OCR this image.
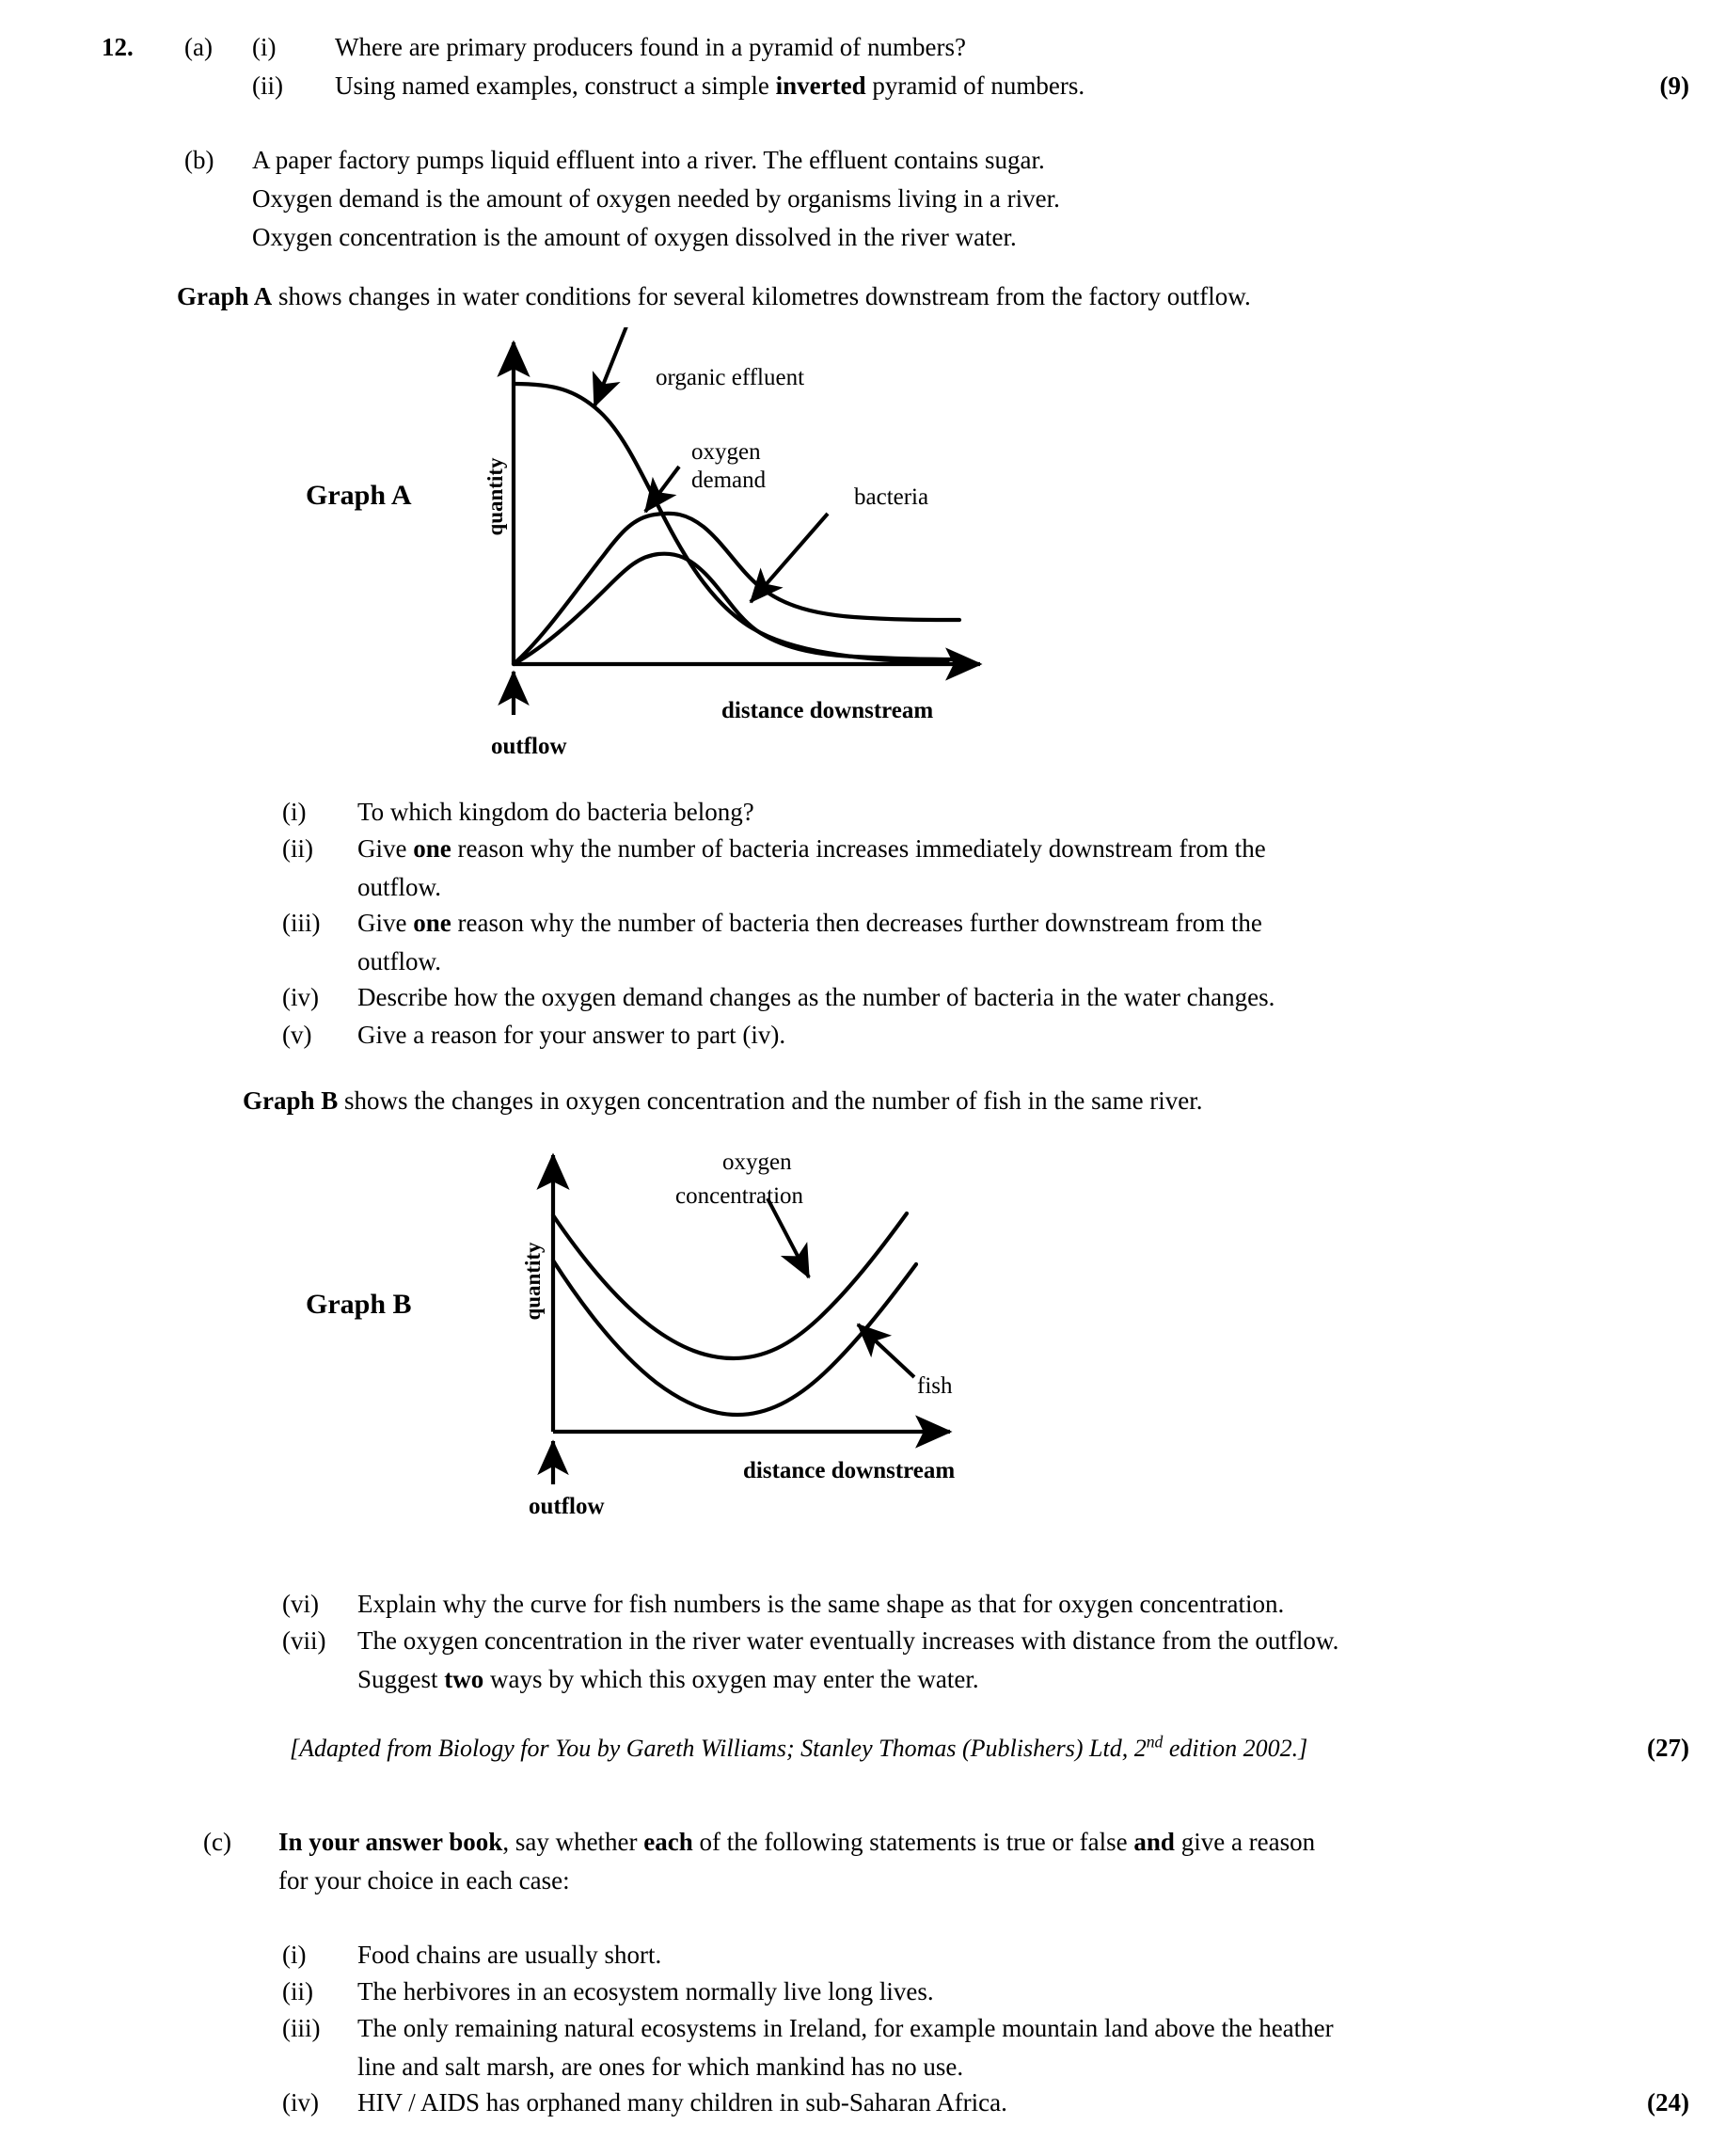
12. (a) (i) Where are primary producers found in a pyramid of numbers?
(ii) Using named examples, construct a simple inverted pyramid of numbers.	(9)
(b) A paper factory pumps liquid effluent into a river. The effluent contains sugar.
Oxygen demand is the amount of oxygen needed by organisms living in a river.
Oxygen concentration is the amount of oxygen dissolved in the river water.
Graph A shows changes in water conditions for several kilometres downstream from the factory outflow.
Graph A	quantity
organic effluent
oxygen
demand
bacteria
distance downstream
outflow
(i) To which kingdom do bacteria belong?
(ii) Give one reason why the number of bacteria increases immediately downstream from the
outflow.
(iii) Give one reason why the number of bacteria then decreases further downstream from the
outflow.
(iv) Describe how the oxygen demand changes as the number of bacteria in the water changes.
(v) Give a reason for your answer to part (iv).
Graph B shows the changes in oxygen concentration and the number of fish in the same river.
Graph B	quantity
oxygen
concentration
fish
distance downstream
outflow
(vi) Explain why the curve for fish numbers is the same shape as that for oxygen concentration.
(vii) The oxygen concentration in the river water eventually increases with distance from the outflow.
Suggest two ways by which this oxygen may enter the water.
[Adapted from Biology for You by Gareth Williams; Stanley Thomas (Publishers) Ltd, 2nd edition 2002.]	(27)
(c) In your answer book, say whether each of the following statements is true or false and give a reason
for your choice in each case:
(i) Food chains are usually short.
(ii) The herbivores in an ecosystem normally live long lives.
(iii) The only remaining natural ecosystems in Ireland, for example mountain land above the heather
line and salt marsh, are ones for which mankind has no use.
(iv) HIV / AIDS has orphaned many children in sub-Saharan Africa.	(24)
